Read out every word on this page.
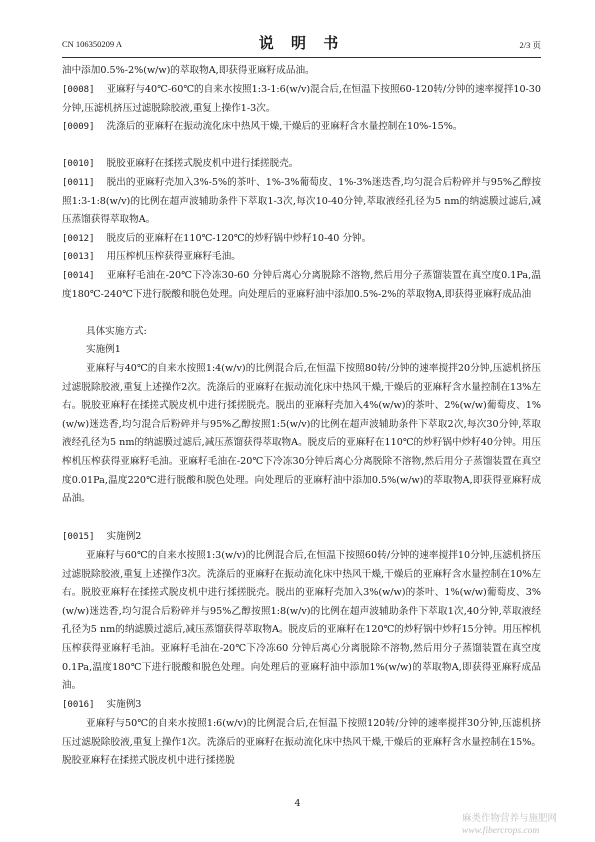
CN 106350209 A	说 明 书	2/3 页
油中添加0.5%-2%(w/w)的萃取物A,即获得亚麻籽成品油。
[0008] 亚麻籽与40℃-60℃的自来水按照1:3-1:6(w/v)混合后,在恒温下按照60-120转/分钟的速率搅拌10-30分钟,压滤机挤压过滤脱除胶液,重复上操作1-3次。
[0009] 洗涤后的亚麻籽在振动流化床中热风干燥,干燥后的亚麻籽含水量控制在10%-15%。
[0010] 脱胶亚麻籽在揉搓式脱皮机中进行揉搓脱壳。
[0011] 脱出的亚麻籽壳加入3%-5%的茶叶、1%-3%葡萄皮、1%-3%迷迭香,均匀混合后粉碎并与95%乙醇按照1:3-1:8(w/v)的比例在超声波辅助条件下萃取1-3次,每次10-40分钟,萃取液经孔径为5 nm的纳滤膜过滤后,减压蒸馏获得萃取物A。
[0012] 脱皮后的亚麻籽在110℃-120℃的炒籽锅中炒籽10-40 分钟。
[0013] 用压榨机压榨获得亚麻籽毛油。
[0014] 亚麻籽毛油在-20℃下冷冻30-60 分钟后离心分离脱除不溶物,然后用分子蒸馏装置在真空度0.1Pa,温度180℃-240℃下进行脱酸和脱色处理。向处理后的亚麻籽油中添加0.5%-2%的萃取物A,即获得亚麻籽成品油
具体实施方式:
实施例1
亚麻籽与40℃的自来水按照1:4(w/v)的比例混合后,在恒温下按照80转/分钟的速率搅拌20分钟,压滤机挤压过滤脱除胶液,重复上述操作2次。洗涤后的亚麻籽在振动流化床中热风干燥,干燥后的亚麻籽含水量控制在13%左右。脱胶亚麻籽在揉搓式脱皮机中进行揉搓脱壳。脱出的亚麻籽壳加入4%(w/w)的茶叶、2%(w/w)葡萄皮、1%(w/w)迷迭香,均匀混合后粉碎并与95%乙醇按照1:5(w/v)的比例在超声波辅助条件下萃取2次,每次30分钟,萃取液经孔径为5 nm的纳滤膜过滤后,减压蒸馏获得萃取物A。脱皮后的亚麻籽在110℃的炒籽锅中炒籽40分钟。用压榨机压榨获得亚麻籽毛油。亚麻籽毛油在-20℃下冷冻30分钟后离心分离脱除不溶物,然后用分子蒸馏装置在真空度0.01Pa,温度220℃进行脱酸和脱色处理。向处理后的亚麻籽油中添加0.5%(w/w)的萃取物A,即获得亚麻籽成品油。
[0015] 实施例2
亚麻籽与60℃的自来水按照1:3(w/v)的比例混合后,在恒温下按照60转/分钟的速率搅拌10分钟,压滤机挤压过滤脱除胶液,重复上述操作3次。洗涤后的亚麻籽在振动流化床中热风干燥,干燥后的亚麻籽含水量控制在10%左右。脱胶亚麻籽在揉搓式脱皮机中进行揉搓脱壳。脱出的亚麻籽壳加入3%(w/w)的茶叶、1%(w/w)葡萄皮、3%(w/w)迷迭香,均匀混合后粉碎并与95%乙醇按照1:8(w/v)的比例在超声波辅助条件下萃取1次,40分钟,萃取液经孔径为5 nm的纳滤膜过滤后,减压蒸馏获得萃取物A。脱皮后的亚麻籽在120℃的炒籽锅中炒籽15分钟。用压榨机压榨获得亚麻籽毛油。亚麻籽毛油在-20℃下冷冻60 分钟后离心分离脱除不溶物,然后用分子蒸馏装置在真空度0.1Pa,温度180℃下进行脱酸和脱色处理。向处理后的亚麻籽油中添加1%(w/w)的萃取物A,即获得亚麻籽成品油。
[0016] 实施例3
亚麻籽与50℃的自来水按照1:6(w/v)的比例混合后,在恒温下按照120转/分钟的速率搅拌30分钟,压滤机挤压过滤脱除胶液,重复上操作1次。洗涤后的亚麻籽在振动流化床中热风干燥,干燥后的亚麻籽含水量控制在15%。脱胶亚麻籽在揉搓式脱皮机中进行揉搓脱
4
麻类作物营养与施肥网
www.fibercrops.com
